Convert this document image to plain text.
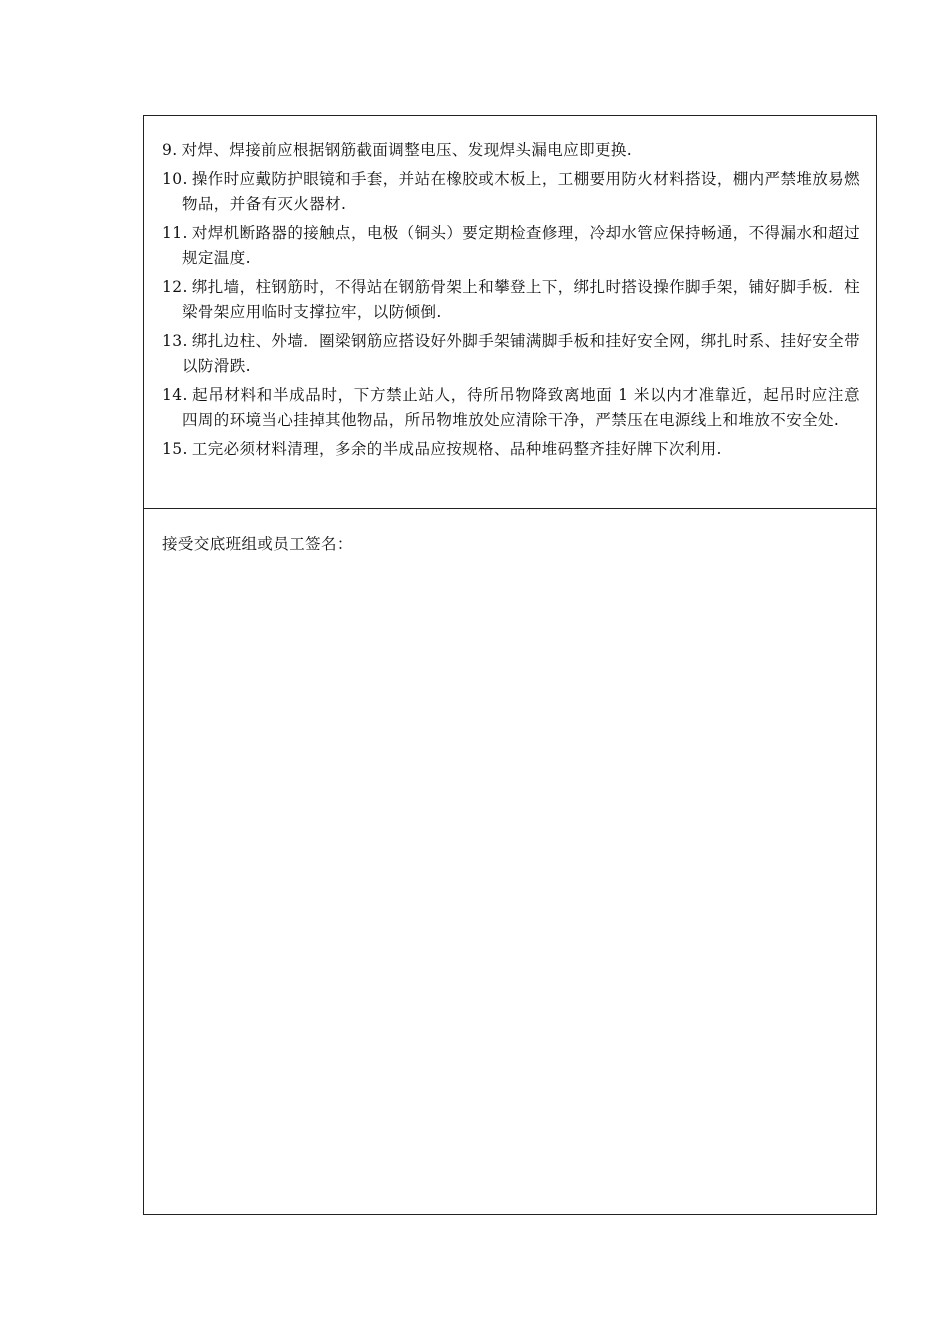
9. 对焊、焊接前应根据钢筋截面调整电压、发现焊头漏电应即更换.

10. 操作时应戴防护眼镜和手套，并站在橡胶或木板上，工棚要用防火材料搭设，棚内严禁堆放易燃物品，并备有灭火器材.

11. 对焊机断路器的接触点，电极（铜头）要定期检查修理，冷却水管应保持畅通，不得漏水和超过规定温度.

12. 绑扎墙，柱钢筋时，不得站在钢筋骨架上和攀登上下，绑扎时搭设操作脚手架，铺好脚手板．柱梁骨架应用临时支撑拉牢，以防倾倒.

13. 绑扎边柱、外墙．圈梁钢筋应搭设好外脚手架铺满脚手板和挂好安全网，绑扎时系、挂好安全带以防滑跌.

14. 起吊材料和半成品时，下方禁止站人，待所吊物降致离地面 1 米以内才准靠近，起吊时应注意四周的环境当心挂掉其他物品，所吊物堆放处应清除干净，严禁压在电源线上和堆放不安全处.

15. 工完必须材料清理，多余的半成品应按规格、品种堆码整齐挂好牌下次利用.

接受交底班组或员工签名：
